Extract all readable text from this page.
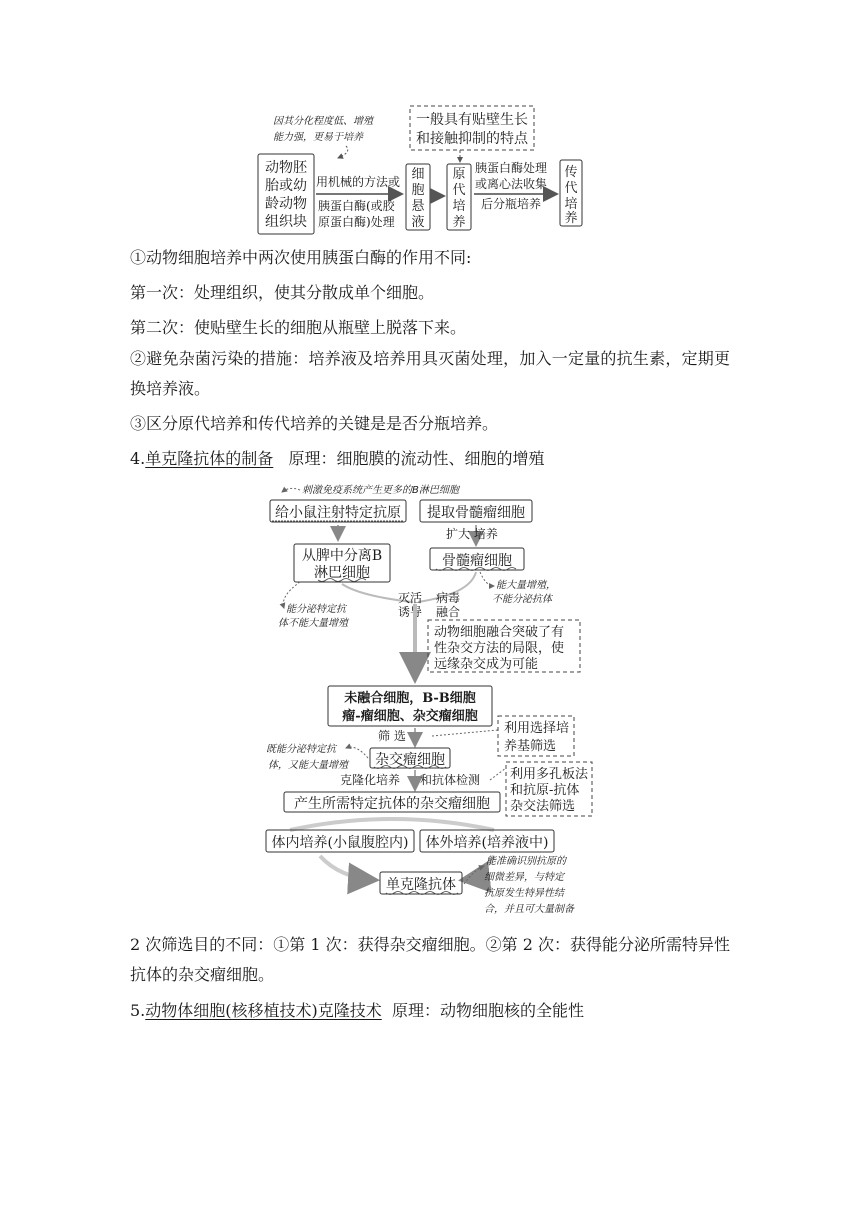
因其分化程度低、增殖
能力强，更易于培养
一般具有贴壁生长
和接触抑制的特点
动物胚
胎或幼
龄动物
组织块
用机械的方法或
胰蛋白酶(或胶
原蛋白酶)处理
细
胞
悬
液
原
代
培
养
胰蛋白酶处理
或离心法收集
后分瓶培养
传
代
培
养
①动物细胞培养中两次使用胰蛋白酶的作用不同:
第一次：处理组织，使其分散成单个细胞。
第二次：使贴壁生长的细胞从瓶壁上脱落下来。
②避免杂菌污染的措施：培养液及培养用具灭菌处理，加入一定量的抗生素，定期更换培养液。
③区分原代培养和传代培养的关键是是否分瓶培养。
4.单克隆抗体的制备 原理：细胞膜的流动性、细胞的增殖
刺激免疫系统产生更多的B淋巴细胞
给小鼠注射特定抗原 提取骨髓瘤细胞
扩大 培养
从脾中分离B
淋巴细胞
骨髓瘤细胞
能大量增殖，
不能分泌抗体
能分泌特定抗
体不能大量增殖
灭活
诱导
病毒
融合
动物细胞融合突破了有
性杂交方法的局限，使
远缘杂交成为可能
未融合细胞，B-B细胞
瘤-瘤细胞、杂交瘤细胞
筛 选	利用选择培
养基筛选
既能分泌特定抗
体，又能大量增殖 杂交瘤细胞
克隆化培养 和抗体检测 利用多孔板法
和抗原-抗体
杂交法筛选
产生所需特定抗体的杂交瘤细胞
体内培养(小鼠腹腔内) 体外培养(培养液中)
单克隆抗体
能准确识别抗原的
细微差异，与特定
抗原发生特异性结
合，并且可大量制备
2 次筛选目的不同：①第 1 次：获得杂交瘤细胞。②第 2 次：获得能分泌所需特异性抗体的杂交瘤细胞。
5.动物体细胞(核移植技术)克隆技术 原理：动物细胞核的全能性
